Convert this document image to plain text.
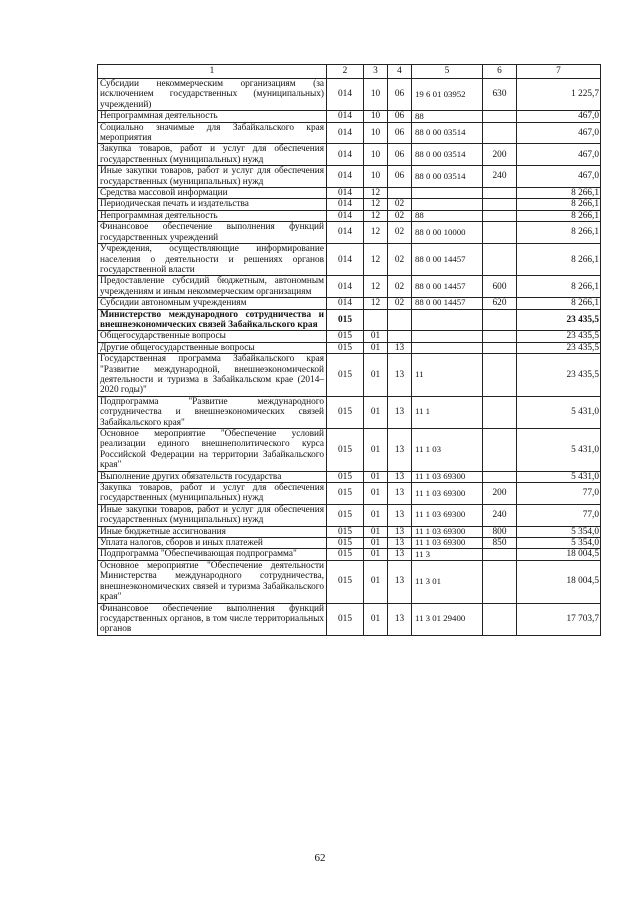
1	2	3	4	5	6	7
Субсидии некоммерческим организациям (за исключением государственных (муниципальных) учреждений)	014	10	06	19 6 01 03952	630	1 225,7
Непрограммная деятельность	014	10	06	88		467,0
Социально значимые для Забайкальского края мероприятия	014	10	06	88 0 00 03514		467,0
Закупка товаров, работ и услуг для обеспечения государственных (муниципальных) нужд	014	10	06	88 0 00 03514	200	467,0
Иные закупки товаров, работ и услуг для обеспечения государственных (муниципальных) нужд	014	10	06	88 0 00 03514	240	467,0
Средства массовой информации	014	12				8 266,1
Периодическая печать и издательства	014	12	02			8 266,1
Непрограммная деятельность	014	12	02	88		8 266,1
Финансовое обеспечение выполнения функций государственных учреждений	014	12	02	88 0 00 10000		8 266,1
Учреждения, осуществляющие информирование населения о деятельности и решениях органов государственной власти	014	12	02	88 0 00 14457		8 266,1
Предоставление субсидий бюджетным, автономным учреждениям и иным некоммерческим организациям	014	12	02	88 0 00 14457	600	8 266,1
Субсидии автономным учреждениям	014	12	02	88 0 00 14457	620	8 266,1
Министерство международного сотрудничества и внешнеэкономических связей Забайкальского края	015					23 435,5
Общегосударственные вопросы	015	01				23 435,5
Другие общегосударственные вопросы	015	01	13			23 435,5
Государственная программа Забайкальского края "Развитие международной, внешнеэкономической деятельности и туризма в Забайкальском крае (2014–2020 годы)"	015	01	13	11		23 435,5
Подпрограмма "Развитие международного сотрудничества и внешнеэкономических связей Забайкальского края"	015	01	13	11 1		5 431,0
Основное мероприятие "Обеспечение условий реализации единого внешнеполитического курса Российской Федерации на территории Забайкальского края"	015	01	13	11 1 03		5 431,0
Выполнение других обязательств государства	015	01	13	11 1 03 69300		5 431,0
Закупка товаров, работ и услуг для обеспечения государственных (муниципальных) нужд	015	01	13	11 1 03 69300	200	77,0
Иные закупки товаров, работ и услуг для обеспечения государственных (муниципальных) нужд	015	01	13	11 1 03 69300	240	77,0
Иные бюджетные ассигнования	015	01	13	11 1 03 69300	800	5 354,0
Уплата налогов, сборов и иных платежей	015	01	13	11 1 03 69300	850	5 354,0
Подпрограмма "Обеспечивающая подпрограмма"	015	01	13	11 3		18 004,5
Основное мероприятие "Обеспечение деятельности Министерства международного сотрудничества, внешнеэкономических связей и туризма Забайкальского края"	015	01	13	11 3 01		18 004,5
Финансовое обеспечение выполнения функций государственных органов, в том числе территориальных органов	015	01	13	11 3 01 29400		17 703,7
62
